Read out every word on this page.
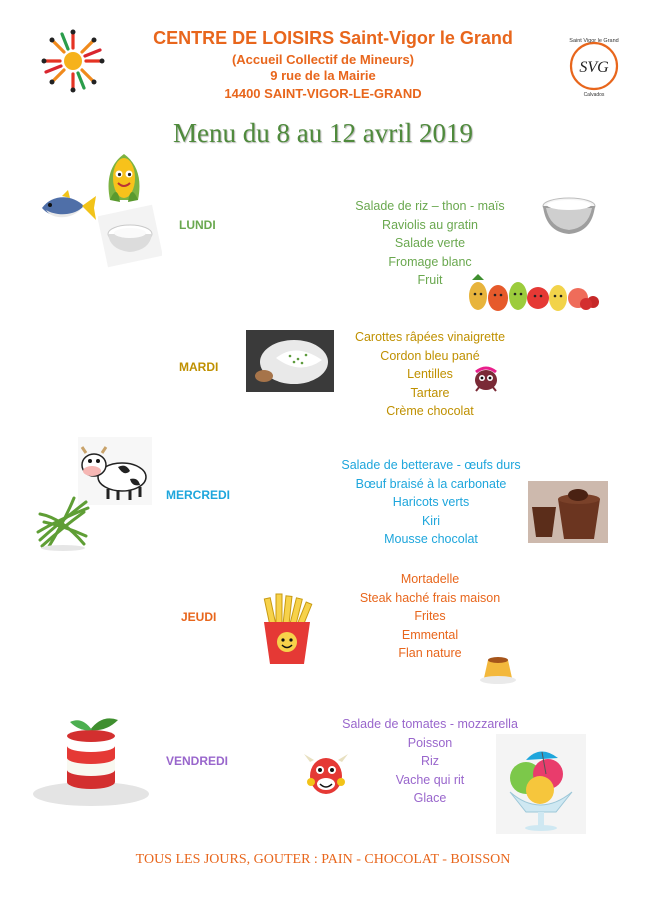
CENTRE DE LOISIRS Saint-Vigor le Grand
(Accueil Collectif de Mineurs)
9 rue de la Mairie
14400 SAINT-VIGOR-LE-GRAND
Saint Vigor le Grand
SVG
Calvados
Menu du 8 au 12 avril 2019
LUNDI
Salade de riz – thon - maïs
Raviolis au gratin
Salade verte
Fromage blanc
Fruit
MARDI
Carottes râpées vinaigrette
Cordon bleu pané
Lentilles
Tartare
Crème chocolat
MERCREDI
Salade de betterave - œufs durs
Bœuf braisé à la carbonate
Haricots verts
Kiri
Mousse chocolat
JEUDI
Mortadelle
Steak haché frais maison
Frites
Emmental
Flan nature
VENDREDI
Salade de tomates - mozzarella
Poisson
Riz
Vache qui rit
Glace
TOUS LES JOURS, GOUTER : PAIN - CHOCOLAT - BOISSON
